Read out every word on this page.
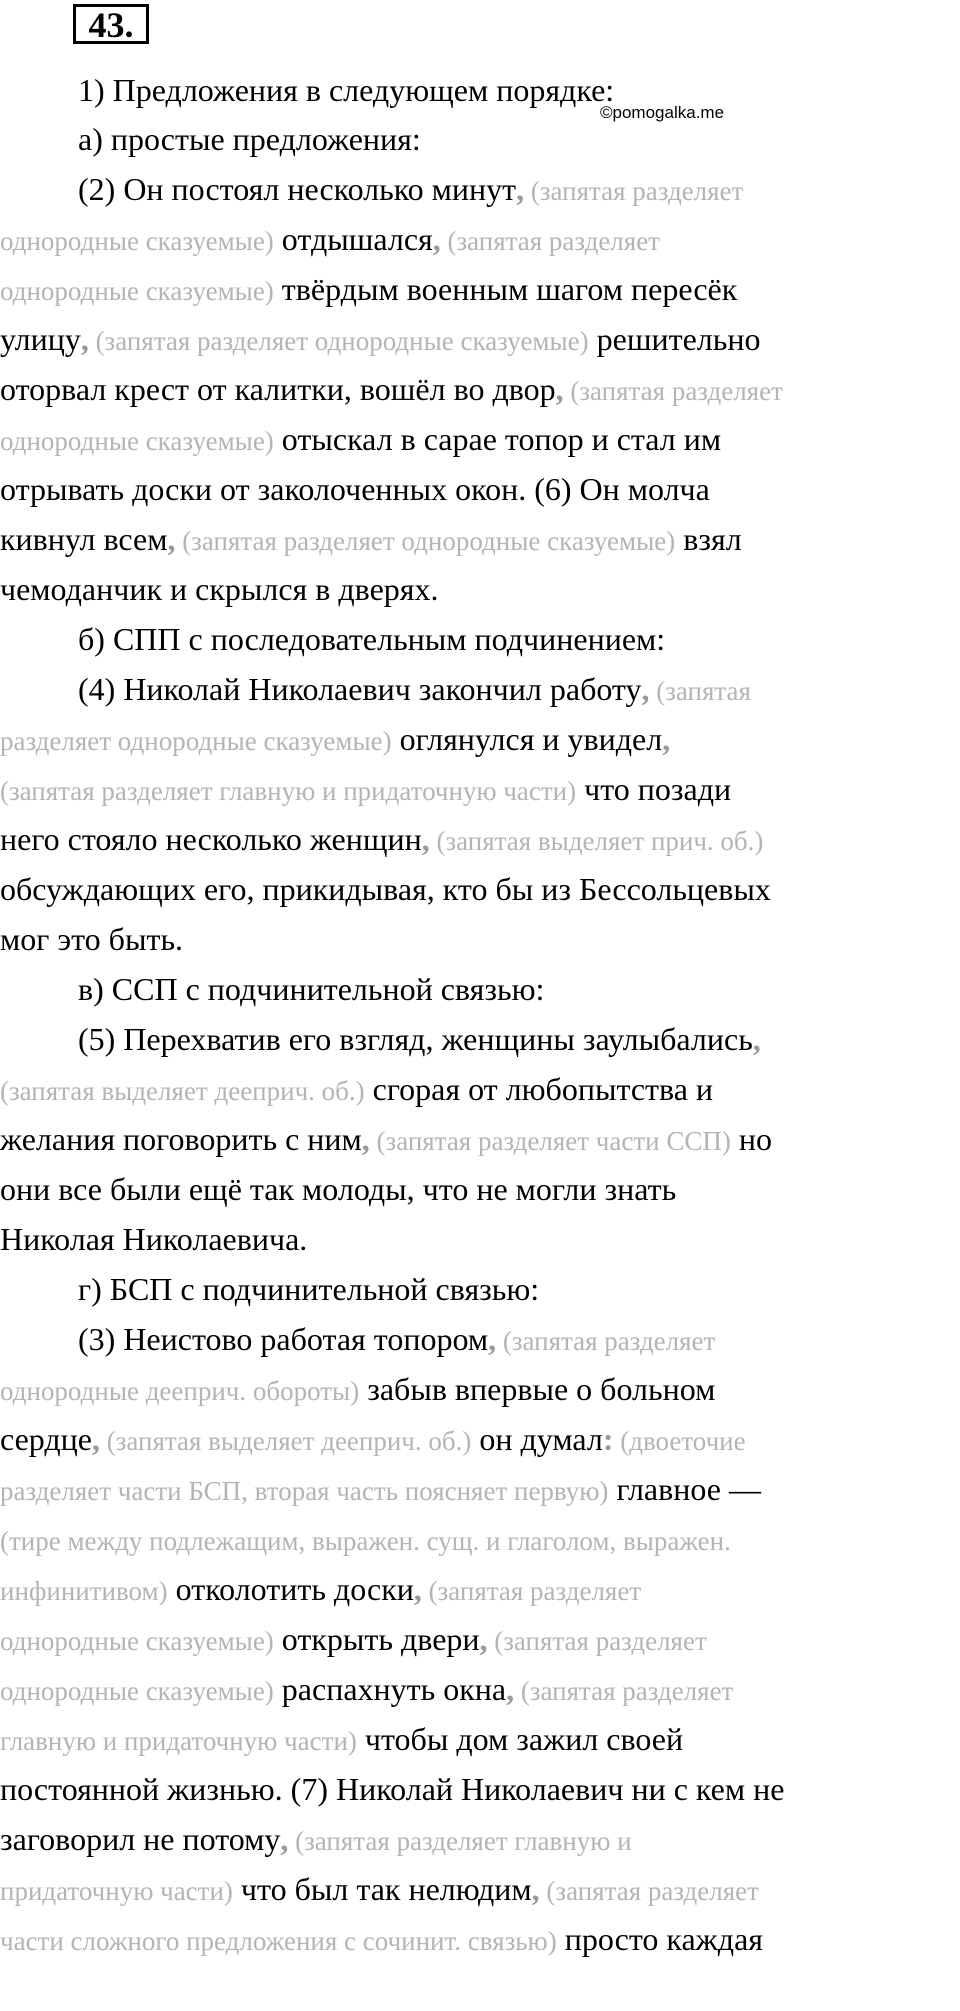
43.
©pomogalka.me
1) Предложения в следующем порядке:
а) простые предложения:
(2) Он постоял несколько минут, (запятая разделяет
однородные сказуемые) отдышался, (запятая разделяет
однородные сказуемые) твёрдым военным шагом пересёк
улицу, (запятая разделяет однородные сказуемые) решительно
оторвал крест от калитки, вошёл во двор, (запятая разделяет
однородные сказуемые) отыскал в сарае топор и стал им
отрывать доски от заколоченных окон. (6) Он молча
кивнул всем, (запятая разделяет однородные сказуемые) взял
чемоданчик и скрылся в дверях.
б) СПП с последовательным подчинением:
(4) Николай Николаевич закончил работу, (запятая
разделяет однородные сказуемые) оглянулся и увидел,
(запятая разделяет главную и придаточную части) что позади
него стояло несколько женщин, (запятая выделяет прич. об.)
обсуждающих его, прикидывая, кто бы из Бессольцевых
мог это быть.
в) ССП с подчинительной связью:
(5) Перехватив его взгляд, женщины заулыбались,
(запятая выделяет дееприч. об.) сгорая от любопытства и
желания поговорить с ним, (запятая разделяет части ССП) но
они все были ещё так молоды, что не могли знать
Николая Николаевича.
г) БСП с подчинительной связью:
(3) Неистово работая топором, (запятая разделяет
однородные дееприч. обороты) забыв впервые о больном
сердце, (запятая выделяет дееприч. об.) он думал: (двоеточие
разделяет части БСП, вторая часть поясняет первую) главное —
(тире между подлежащим, выражен. сущ. и глаголом, выражен.
инфинитивом) отколотить доски, (запятая разделяет
однородные сказуемые) открыть двери, (запятая разделяет
однородные сказуемые) распахнуть окна, (запятая разделяет
главную и придаточную части) чтобы дом зажил своей
постоянной жизнью. (7) Николай Николаевич ни с кем не
заговорил не потому, (запятая разделяет главную и
придаточную части) что был так нелюдим, (запятая разделяет
части сложного предложения с сочинит. связью) просто каждая
